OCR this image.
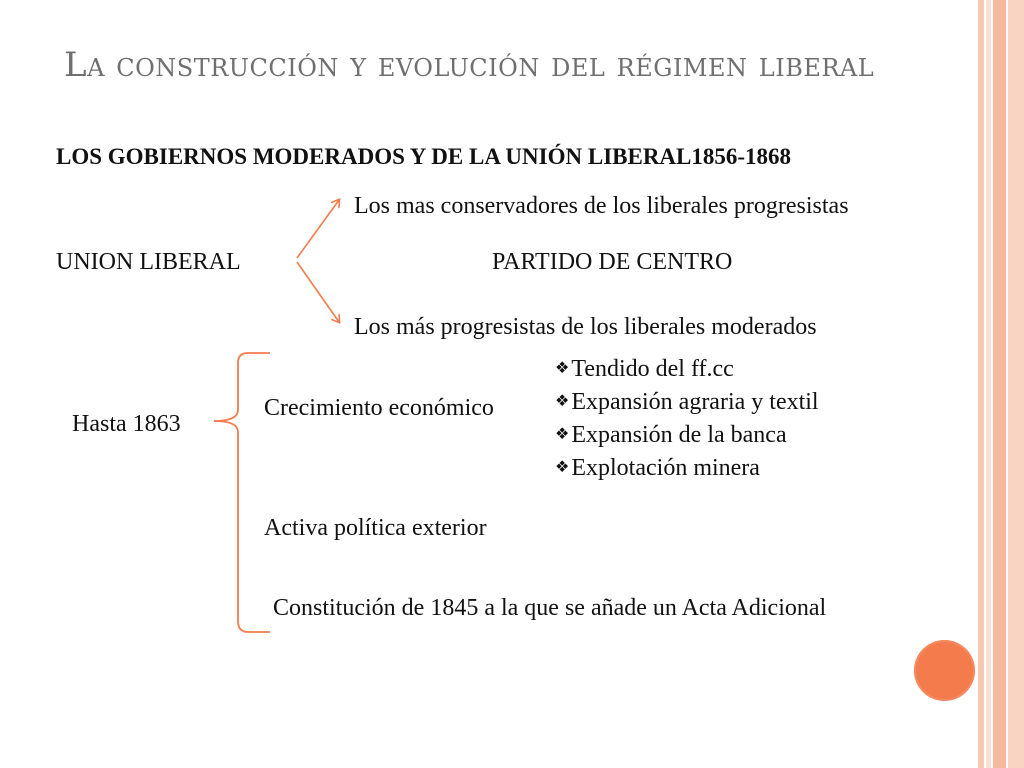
La construcción y evolución del régimen liberal
LOS GOBIERNOS MODERADOS Y DE LA UNIÓN LIBERAL1856-1868
Los mas conservadores de los liberales progresistas
UNION LIBERAL	PARTIDO DE CENTRO
Los más progresistas de los liberales moderados
Hasta 1863
Crecimiento económico
❖Tendido del ff.cc
❖Expansión agraria y textil
❖Expansión de la banca
❖Explotación minera
Activa política exterior
Constitución de 1845 a la que se añade un Acta Adicional
